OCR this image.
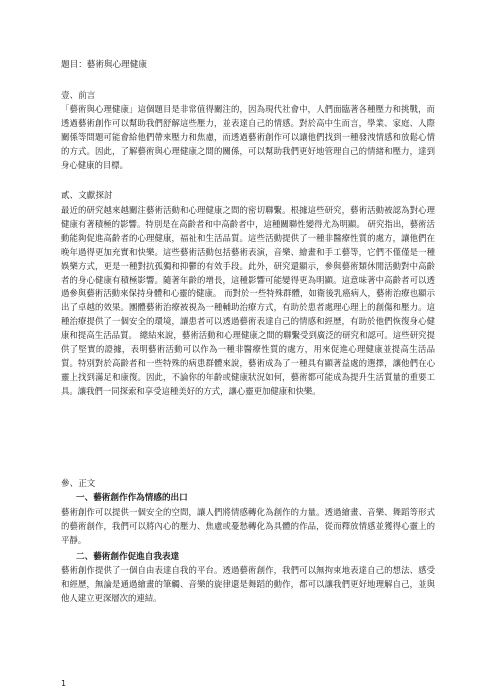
題目：藝術與心理健康

壹、前言

「藝術與心理健康」這個題目是非常值得關注的，因為現代社會中，人們面臨著各種壓力和挑戰，而透過藝術創作可以幫助我們舒解這些壓力，並表達自己的情感。對於高中生而言，學業、家庭、人際關係等問題可能會給他們帶來壓力和焦慮，而透過藝術創作可以讓他們找到一種發洩情感和放鬆心情的方式。因此，了解藝術與心理健康之間的關係，可以幫助我們更好地管理自己的情緒和壓力，達到身心健康的目標。

貳、文獻探討

最近的研究越來越關注藝術活動和心理健康之間的密切聯繫。根據這些研究，藝術活動被認為對心理健康有著積極的影響。特別是在高齡者和中高齡者中，這種關聯性變得尤為明顯。 研究指出，藝術活動能夠促進高齡者的心理健康，福祉和生活品質。這些活動提供了一種非醫療性質的處方，讓他們在晚年過得更加充實和快樂。這些藝術活動包括藝術表演，音樂、繪畫和手工藝等，它們不僅僅是一種娛樂方式，更是一種對抗孤獨和抑鬱的有效手段。此外，研究還顯示，參與藝術類休閒活動對中高齡者的身心健康有積極影響。隨著年齡的增長，這種影響可能變得更為明顯。這意味著中高齡者可以透過參與藝術活動來保持身體和心靈的健康。 而對於一些特殊群體，如衛後乳癌病人，藝術治療也顯示出了卓越的效果。團體藝術治療被視為一種輔助治療方式，有助於患者處理心理上的創傷和壓力。這種治療提供了一個安全的環境，讓患者可以透過藝術表達自己的情感和經歷，有助於他們恢復身心健康和提高生活品質。 總結來說，藝術活動和心理健康之間的聯繫受到廣泛的研究和認可。這些研究提供了堅實的證據，表明藝術活動可以作為一種非醫療性質的處方，用來促進心理健康並提高生活品質。特別對於高齡者和一些特殊的病患群體來說，藝術成為了一種具有顯著益處的選擇，讓他們在心靈上找到滿足和康復。因此，不論你的年齡或健康狀況如何，藝術都可能成為提升生活質量的重要工具。讓我們一同探索和享受這種美好的方式，讓心靈更加健康和快樂。

參、正文

一、藝術創作作為情感的出口

藝術創作可以提供一個安全的空間，讓人們將情感轉化為創作的力量。透過繪畫、音樂、舞蹈等形式的藝術創作，我們可以將內心的壓力、焦慮或憂愁轉化為具體的作品，從而釋放情感並獲得心靈上的平靜。

二、藝術創作促進自我表達

藝術創作提供了一個自由表達自我的平台。透過藝術創作，我們可以無拘束地表達自己的想法、感受和經歷，無論是通過繪畫的筆觸、音樂的旋律還是舞蹈的動作，都可以讓我們更好地理解自己，並與他人建立更深層次的連結。

1
